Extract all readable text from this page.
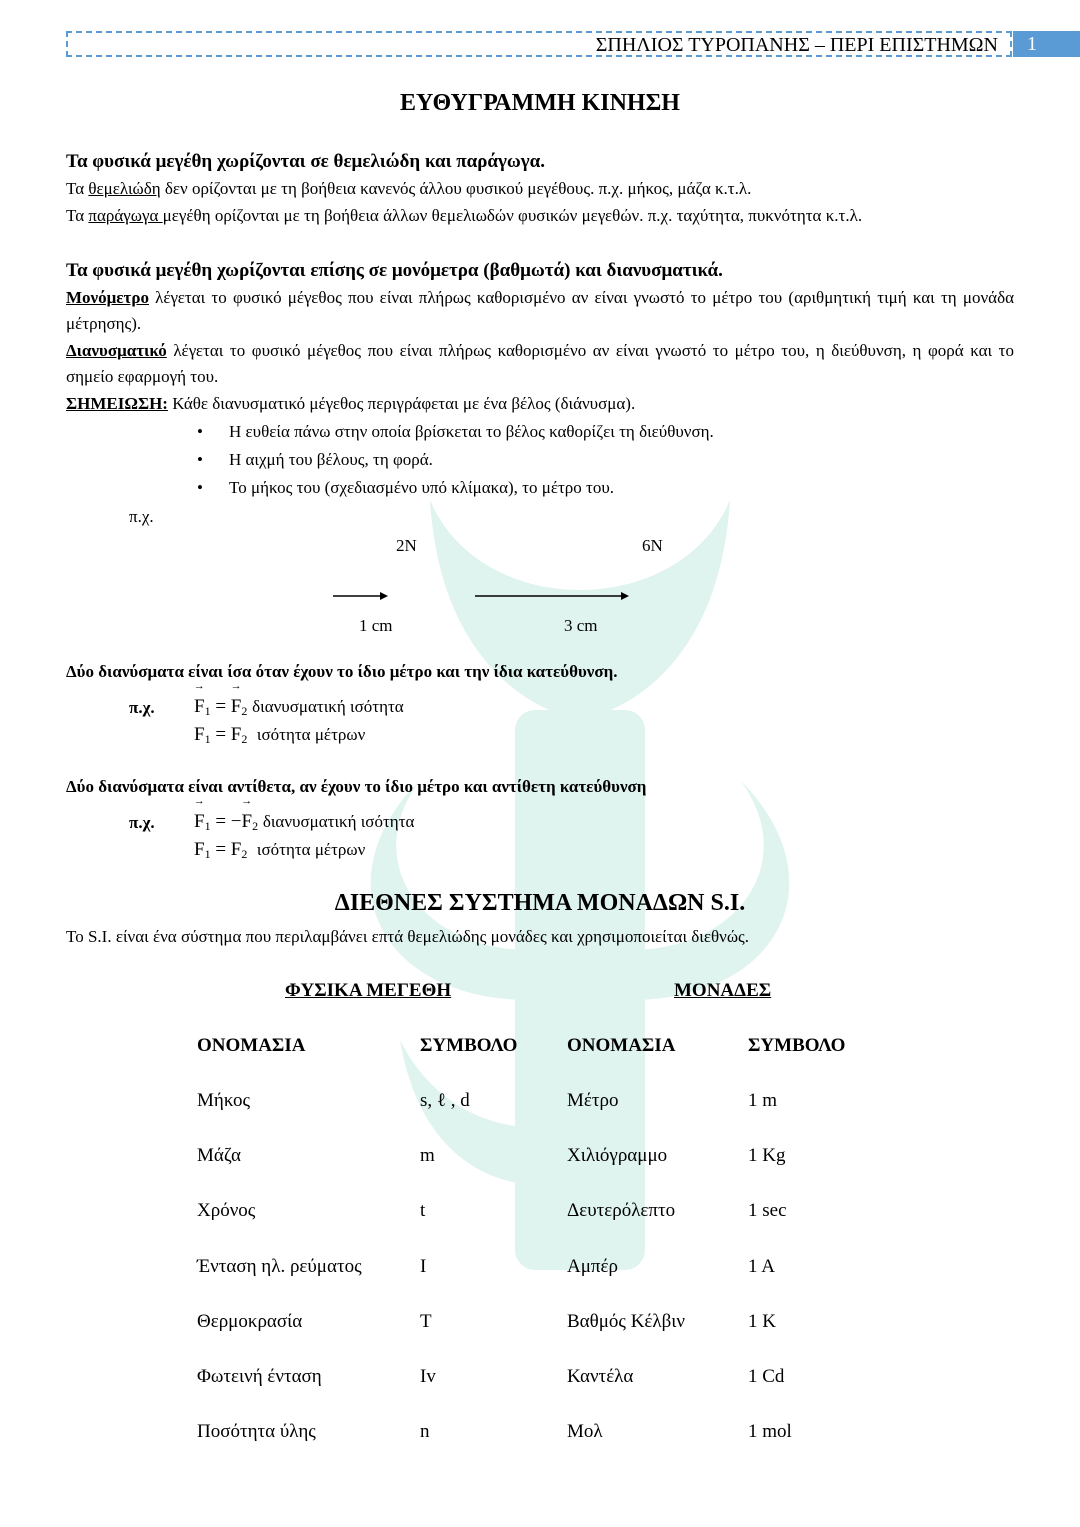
ΣΠΗΛΙΟΣ ΤΥΡΟΠΑΝΗΣ – ΠΕΡΙ ΕΠΙΣΤΗΜΩΝ	1
ΕΥΘΥΓΡΑΜΜΗ ΚΙΝΗΣΗ
Τα φυσικά μεγέθη χωρίζονται σε θεμελιώδη και παράγωγα.
Τα θεμελιώδη δεν ορίζονται με τη βοήθεια κανενός άλλου φυσικού μεγέθους. π.χ. μήκος, μάζα κ.τ.λ.
Τα παράγωγα μεγέθη ορίζονται με τη βοήθεια άλλων θεμελιωδών φυσικών μεγεθών. π.χ. ταχύτητα, πυκνότητα κ.τ.λ.
Τα φυσικά μεγέθη χωρίζονται επίσης σε μονόμετρα (βαθμωτά) και διανυσματικά.
Μονόμετρο λέγεται το φυσικό μέγεθος που είναι πλήρως καθορισμένο αν είναι γνωστό το μέτρο του (αριθμητική τιμή και τη μονάδα μέτρησης).
Διανυσματικό λέγεται το φυσικό μέγεθος που είναι πλήρως καθορισμένο αν είναι γνωστό το μέτρο του, η διεύθυνση, η φορά και το σημείο εφαρμογή του.
ΣΗΜΕΙΩΣΗ: Κάθε διανυσματικό μέγεθος περιγράφεται με ένα βέλος (διάνυσμα).
• Η ευθεία πάνω στην οποία βρίσκεται το βέλος καθορίζει τη διεύθυνση.
• Η αιχμή του βέλους, τη φορά.
• Το μήκος του (σχεδιασμένο υπό κλίμακα), το μέτρο του.
π.χ.
2N	6N
1 cm	3 cm
Δύο διανύσματα είναι ίσα όταν έχουν το ίδιο μέτρο και την ίδια κατεύθυνση.
π.χ. → F1 = → F2 διανυσματική ισότητα
F1 = F2 ισότητα μέτρων
Δύο διανύσματα είναι αντίθετα, αν έχουν το ίδιο μέτρο και αντίθετη κατεύθυνση
π.χ. → F1 = −→ F2 διανυσματική ισότητα
F1 = F2 ισότητα μέτρων
ΔΙΕΘΝΕΣ ΣΥΣΤΗΜΑ ΜΟΝΑΔΩΝ S.I.
Το S.I. είναι ένα σύστημα που περιλαμβάνει επτά θεμελιώδης μονάδες και χρησιμοποιείται διεθνώς.
ΦΥΣΙΚΑ ΜΕΓΕΘΗ	ΜΟΝΑΔΕΣ
ΟΝΟΜΑΣΙΑ	ΣΥΜΒΟΛΟ	ΟΝΟΜΑΣΙΑ	ΣΥΜΒΟΛΟ
Μήκος	s, ℓ , d	Μέτρο	1 m
Μάζα	m	Χιλιόγραμμο	1 Kg
Χρόνος	t	Δευτερόλεπτο	1 sec
Ένταση ηλ. ρεύματος	I	Αμπέρ	1 A
Θερμοκρασία	T	Βαθμός Κέλβιν	1 K
Φωτεινή ένταση	Iv	Καντέλα	1 Cd
Ποσότητα ύλης	n	Μολ	1 mol
